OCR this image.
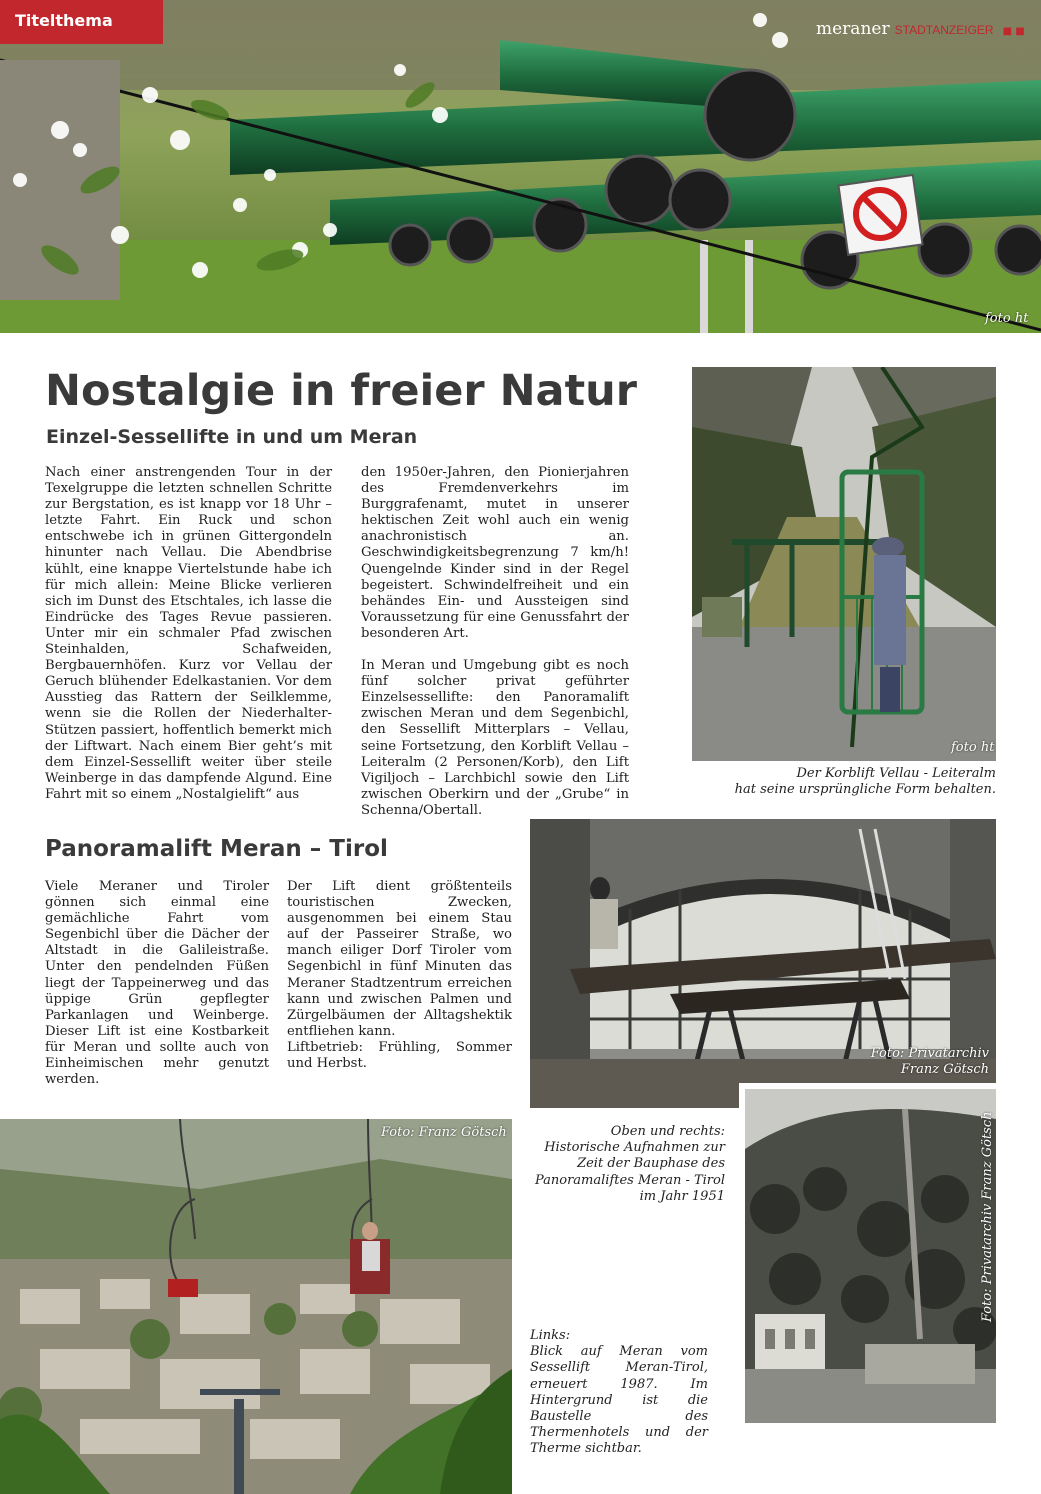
Titelthema	meraner STADTANZEIGER ■ ■
foto ht
Nostalgie in freier Natur
Einzel-Sessellifte in und um Meran

Nach einer anstrengenden Tour in der Texelgruppe die letzten schnellen Schritte zur Bergstation, es ist knapp vor 18 Uhr – letzte Fahrt. Ein Ruck und schon entschwebe ich in grünen Gittergondeln hinunter nach Vellau. Die Abendbrise kühlt, eine knappe Viertelstunde habe ich für mich allein: Meine Blicke verlieren sich im Dunst des Etschtales, ich lasse die Eindrücke des Tages Revue passieren. Unter mir ein schmaler Pfad zwischen Steinhalden, Schafweiden, Bergbauernhöfen. Kurz vor Vellau der Geruch blühender Edelkastanien. Vor dem Ausstieg das Rattern der Seilklemme, wenn sie die Rollen der Niederhalter-Stützen passiert, hoffentlich bemerkt mich der Liftwart. Nach einem Bier geht’s mit dem Einzel-Sessellift weiter über steile Weinberge in das dampfende Algund. Eine Fahrt mit so einem „Nostalgielift“ aus

den 1950er-Jahren, den Pionierjahren des Fremdenverkehrs im Burggrafenamt, mutet in unserer hektischen Zeit wohl auch ein wenig anachronistisch an. Geschwindigkeitsbegrenzung 7 km/h! Quengelnde Kinder sind in der Regel begeistert. Schwindelfreiheit und ein behändes Ein- und Aussteigen sind Voraussetzung für eine Genussfahrt der besonderen Art.

In Meran und Umgebung gibt es noch fünf solcher privat geführter Einzelsessellifte: den Panoramalift zwischen Meran und dem Segenbichl, den Sessellift Mitterplars – Vellau, seine Fortsetzung, den Korblift Vellau – Leiteralm (2 Personen/Korb), den Lift Vigiljoch – Larchbichl sowie den Lift zwischen Oberkirn und der „Grube“ in Schenna/Obertall.

foto ht
Der Korblift Vellau - Leiteralm
hat seine ursprüngliche Form behalten.
Panoramalift Meran – Tirol

Viele Meraner und Tiroler gönnen sich einmal eine gemächliche Fahrt vom Segenbichl über die Dächer der Altstadt in die Galileistraße. Unter den pendelnden Füßen liegt der Tappeinerweg und das üppige Grün gepflegter Parkanlagen und Weinberge. Dieser Lift ist eine Kostbarkeit für Meran und sollte auch von Einheimischen mehr genutzt werden.

Der Lift dient größtenteils touristischen Zwecken, ausgenommen bei einem Stau auf der Passeirer Straße, wo manch eiliger Dorf Tiroler vom Segenbichl in fünf Minuten das Meraner Stadtzentrum erreichen kann und zwischen Palmen und Zürgelbäumen der Alltagshektik entfliehen kann.

Liftbetrieb: Frühling, Sommer und Herbst.

Foto: Privatarchiv
Franz Götsch
Foto: Franz Götsch	Oben und rechts:
Historische Aufnahmen zur
Zeit der Bauphase des
Panoramaliftes Meran - Tirol
im Jahr 1951
Links:
Blick auf Meran vom Sessellift Meran-Tirol, erneuert 1987. Im Hintergrund ist die Baustelle des Thermenhotels und der Therme sichtbar.
Foto: Privatarchiv Franz Götsch
